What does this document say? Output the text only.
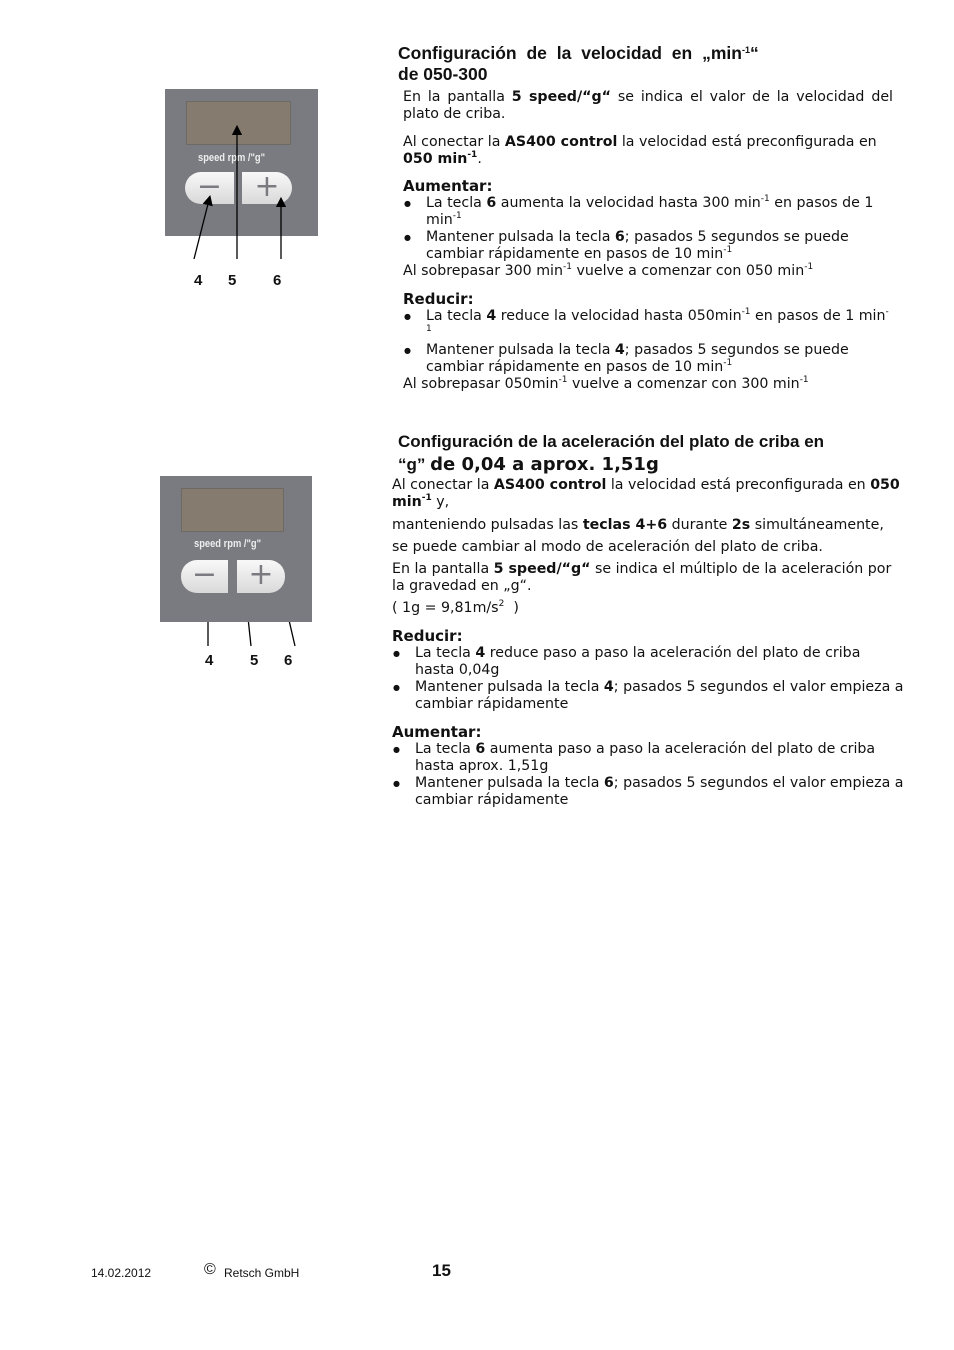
speed rpm /"g"
−	+
4 5 6
speed rpm /"g"
−	+
4 5 6
Configuración de la velocidad en $„\min^{-1}“$
de 050-300

En la pantalla 5 speed/“g“ se indica el valor de la velocidad del plato de criba.

Al conectar la AS400 control la velocidad está preconfigurada en 050 $\min^{-1}$.

Aumentar:

● La tecla 6 aumenta la velocidad hasta 300 $\min^{-1}$ en pasos de 1 $\min^{-1}$
● Mantener pulsada la tecla 6; pasados 5 segundos se puede cambiar rápidamente en pasos de 10 $\min^{-1}$

Al sobrepasar 300 $\min^{-1}$ vuelve a comenzar con 050 $\min^{-1}$

Reducir:

● La tecla 4 reduce la velocidad hasta $050\min^{-1}$ en pasos de 1 $\min^{-1}$
● Mantener pulsada la tecla 4; pasados 5 segundos se puede cambiar rápidamente en pasos de 10 $\min^{-1}$

Al sobrepasar $050\min^{-1}$ vuelve a comenzar con 300 $\min^{-1}$

Configuración de la aceleración del plato de criba en
“g” de 0,04 a aprox. 1,51g

Al conectar la AS400 control la velocidad está preconfigurada en 050 $\min^{-1} y$,

manteniendo pulsadas las teclas 4+6 durante 2s simultáneamente,

se puede cambiar al modo de aceleración del plato de criba.

En la pantalla 5 speed/“g“ se indica el múltiplo de la aceleración por la gravedad en „g“.

( $1g = 9,81m/s^2$  )

Reducir:

● La tecla 4 reduce paso a paso la aceleración del plato de criba hasta 0,04g
● Mantener pulsada la tecla 4; pasados 5 segundos el valor empieza a cambiar rápidamente

Aumentar:

● La tecla 6 aumenta paso a paso la aceleración del plato de criba hasta aprox. 1,51g
● Mantener pulsada la tecla 6; pasados 5 segundos el valor empieza a cambiar rápidamente
14.02.2012	© Retsch GmbH	15
